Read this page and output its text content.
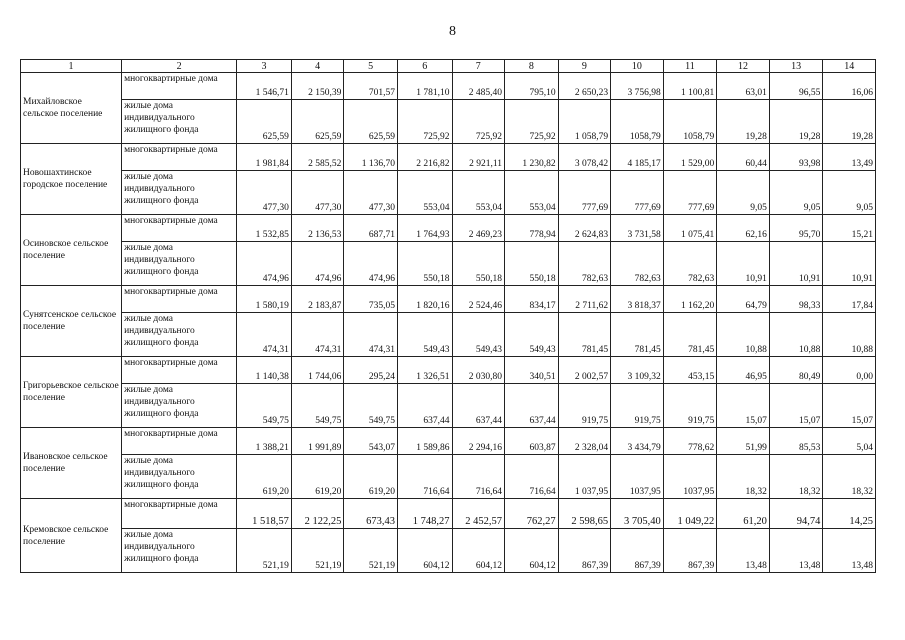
8
1	2	3	4	5	6	7	8	9	10	11	12	13	14
Михайловское сельское поселение	многоквартирные дома	1 546,71	2 150,39	701,57	1 781,10	2 485,40	795,10	2 650,23	3 756,98	1 100,81	63,01	96,55	16,06
	жилые дома индивидуального жилищного фонда	625,59	625,59	625,59	725,92	725,92	725,92	1 058,79	1058,79	1058,79	19,28	19,28	19,28
Новошахтинское городское поселение	многоквартирные дома	1 981,84	2 585,52	1 136,70	2 216,82	2 921,11	1 230,82	3 078,42	4 185,17	1 529,00	60,44	93,98	13,49
	жилые дома индивидуального жилищного фонда	477,30	477,30	477,30	553,04	553,04	553,04	777,69	777,69	777,69	9,05	9,05	9,05
Осиновское сельское поселение	многоквартирные дома	1 532,85	2 136,53	687,71	1 764,93	2 469,23	778,94	2 624,83	3 731,58	1 075,41	62,16	95,70	15,21
	жилые дома индивидуального жилищного фонда	474,96	474,96	474,96	550,18	550,18	550,18	782,63	782,63	782,63	10,91	10,91	10,91
Сунятсенское сельское поселение	многоквартирные дома	1 580,19	2 183,87	735,05	1 820,16	2 524,46	834,17	2 711,62	3 818,37	1 162,20	64,79	98,33	17,84
	жилые дома индивидуального жилищного фонда	474,31	474,31	474,31	549,43	549,43	549,43	781,45	781,45	781,45	10,88	10,88	10,88
Григорьевское сельское поселение	многоквартирные дома	1 140,38	1 744,06	295,24	1 326,51	2 030,80	340,51	2 002,57	3 109,32	453,15	46,95	80,49	0,00
	жилые дома индивидуального жилищного фонда	549,75	549,75	549,75	637,44	637,44	637,44	919,75	919,75	919,75	15,07	15,07	15,07
Ивановское сельское поселение	многоквартирные дома	1 388,21	1 991,89	543,07	1 589,86	2 294,16	603,87	2 328,04	3 434,79	778,62	51,99	85,53	5,04
	жилые дома индивидуального жилищного фонда	619,20	619,20	619,20	716,64	716,64	716,64	1 037,95	1037,95	1037,95	18,32	18,32	18,32
Кремовское сельское поселение	многоквартирные дома	1 518,57	2 122,25	673,43	1 748,27	2 452,57	762,27	2 598,65	3 705,40	1 049,22	61,20	94,74	14,25
	жилые дома индивидуального жилищного фонда	521,19	521,19	521,19	604,12	604,12	604,12	867,39	867,39	867,39	13,48	13,48	13,48
